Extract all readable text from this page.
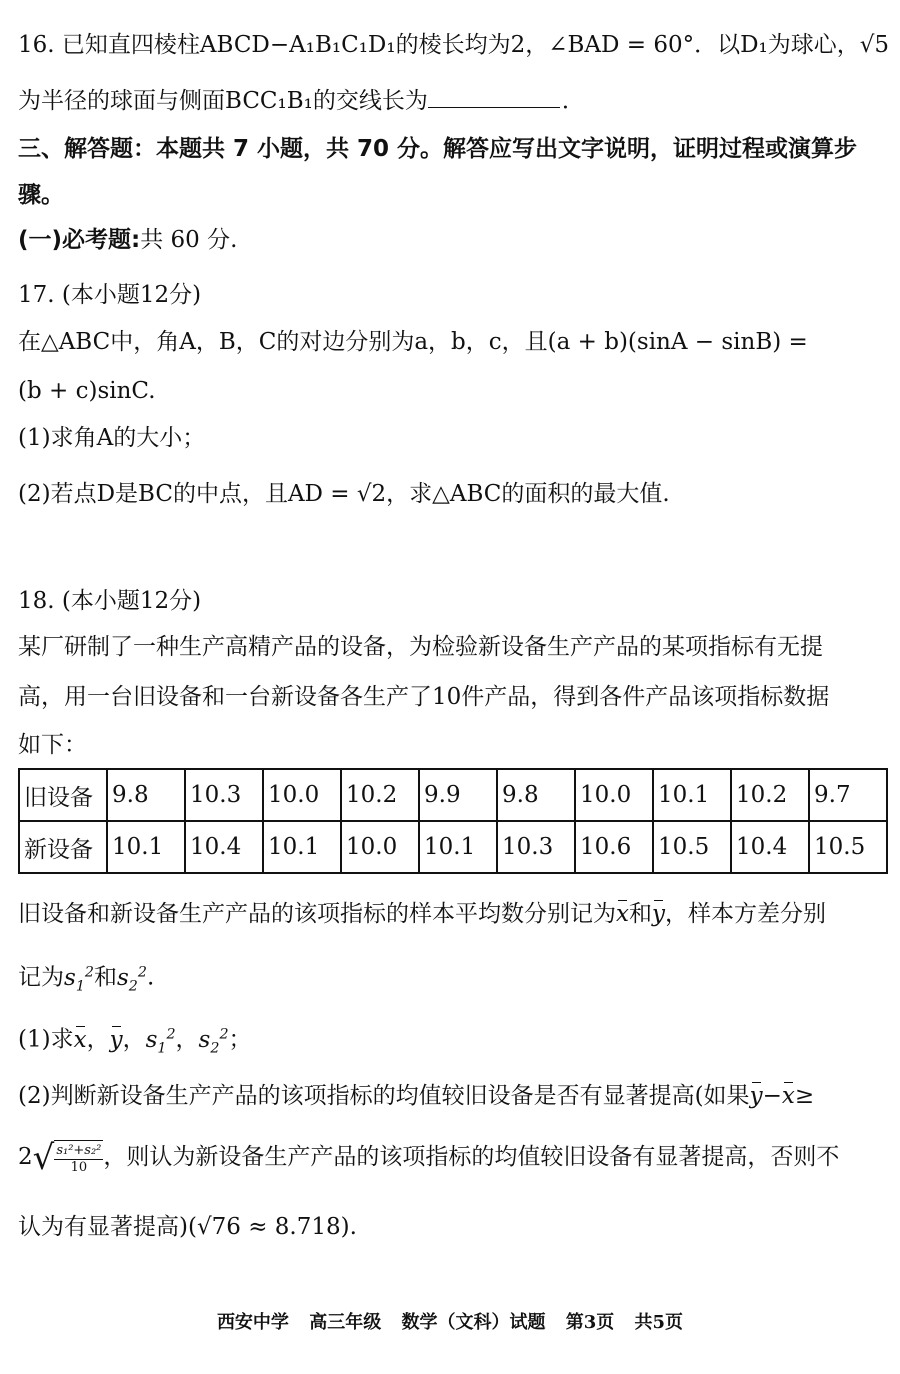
16. 已知直四棱柱ABCD−A₁B₁C₁D₁的棱长均为2，∠BAD = 60°．以D₁为球心，√5
为半径的球面与侧面BCC₁B₁的交线长为	．
三、解答题：本题共 7 小题，共 70 分。解答应写出文字说明，证明过程或演算步
骤。
(一)必考题:共 60 分.
17. (本小题12分)
在△ABC中，角A，B，C的对边分别为a，b，c，且(a + b)(sinA − sinB) =
(b + c)sinC.
(1)求角A的大小；
(2)若点D是BC的中点，且AD = √2，求△ABC的面积的最大值.
18. (本小题12分)
某厂研制了一种生产高精产品的设备，为检验新设备生产产品的某项指标有无提
高，用一台旧设备和一台新设备各生产了10件产品，得到各件产品该项指标数据
如下：
旧设备	9.8	10.3	10.0	10.2	9.9	9.8	10.0	10.1	10.2	9.7
新设备	10.1	10.4	10.1	10.0	10.1	10.3	10.6	10.5	10.4	10.5
旧设备和新设备生产产品的该项指标的样本平均数分别记为x和y，样本方差分别
记为$s_1^2$和$s_2^2$.
(1)求x，y，$s_1^2$，$s_2^2$；
(2)判断新设备生产产品的该项指标的均值较旧设备是否有显著提高(如果y−x≥
$2√ \frac{\text{s₁²+s₂²}}{10}$ ，则认为新设备生产产品的该项指标的均值较旧设备有显著提高，否则不
认为有显著提高)(√76 ≈ 8.718).
西安中学 高三年级 数学（文科）试题 第3页 共5页
